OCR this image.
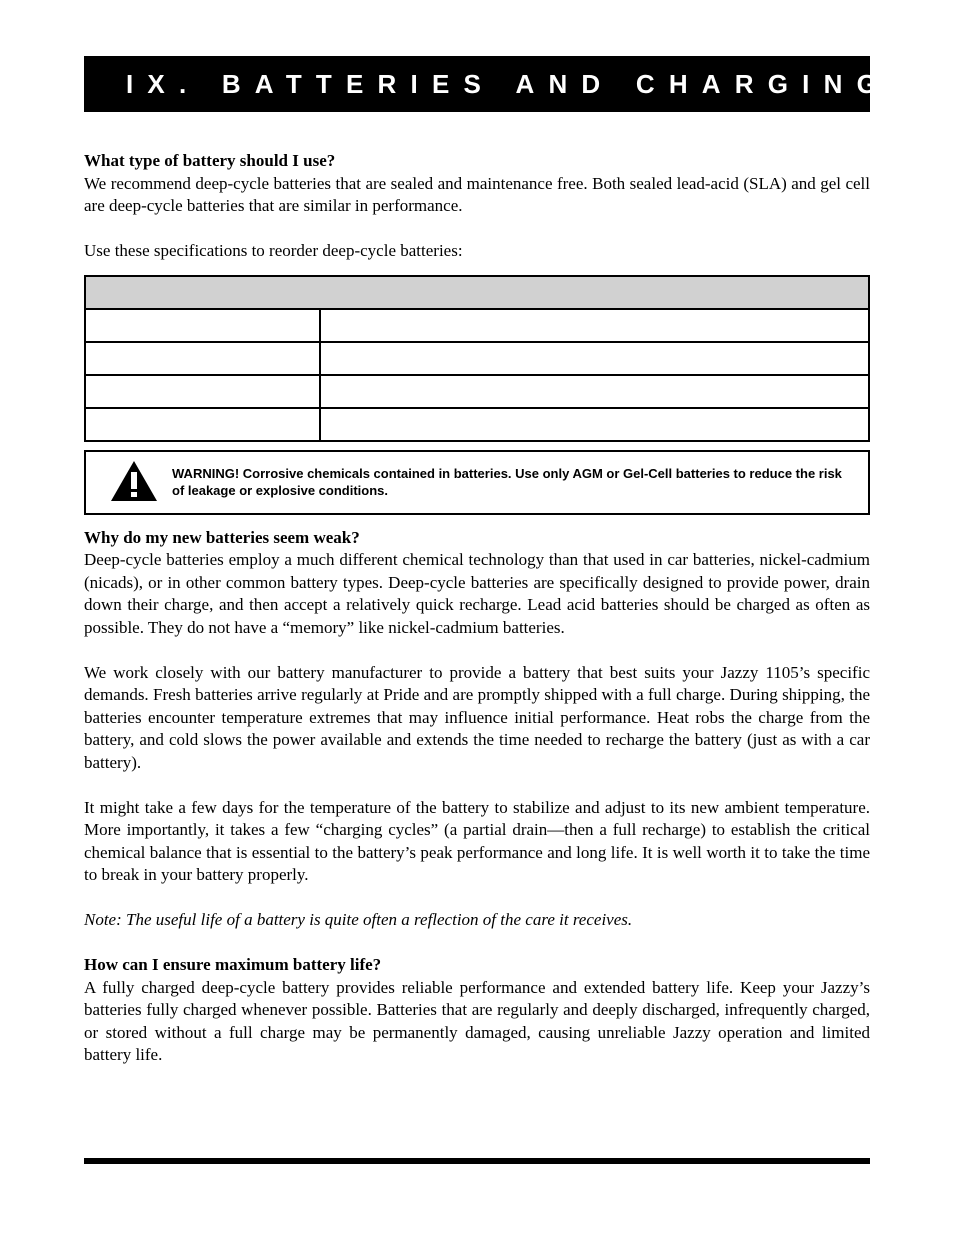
IX. BATTERIES AND CHARGING

What type of battery should I use?

We recommend deep-cycle batteries that are sealed and maintenance free. Both sealed lead-acid (SLA) and gel cell are deep-cycle batteries that are similar in performance.

Use these specifications to reorder deep-cycle batteries:

WARNING! Corrosive chemicals contained in batteries. Use only AGM or Gel-Cell batteries to reduce the risk of leakage or explosive conditions.

Why do my new batteries seem weak?

Deep-cycle batteries employ a much different chemical technology than that used in car batteries, nickel-cadmium (nicads), or in other common battery types. Deep-cycle batteries are specifically designed to provide power, drain down their charge, and then accept a relatively quick recharge. Lead acid batteries should be charged as often as possible. They do not have a “memory” like nickel-cadmium batteries.

We work closely with our battery manufacturer to provide a battery that best suits your Jazzy 1105’s specific demands. Fresh batteries arrive regularly at Pride and are promptly shipped with a full charge. During shipping, the batteries encounter temperature extremes that may influence initial performance. Heat robs the charge from the battery, and cold slows the power available and extends the time needed to recharge the battery (just as with a car battery).

It might take a few days for the temperature of the battery to stabilize and adjust to its new ambient temperature. More importantly, it takes a few “charging cycles” (a partial drain—then a full recharge) to establish the critical chemical balance that is essential to the battery’s peak performance and long life. It is well worth it to take the time to break in your battery properly.

Note: The useful life of a battery is quite often a reflection of the care it receives.

How can I ensure maximum battery life?

A fully charged deep-cycle battery provides reliable performance and extended battery life. Keep your Jazzy’s batteries fully charged whenever possible. Batteries that are regularly and deeply discharged, infrequently charged, or stored without a full charge may be permanently damaged, causing unreliable Jazzy operation and limited battery life.
